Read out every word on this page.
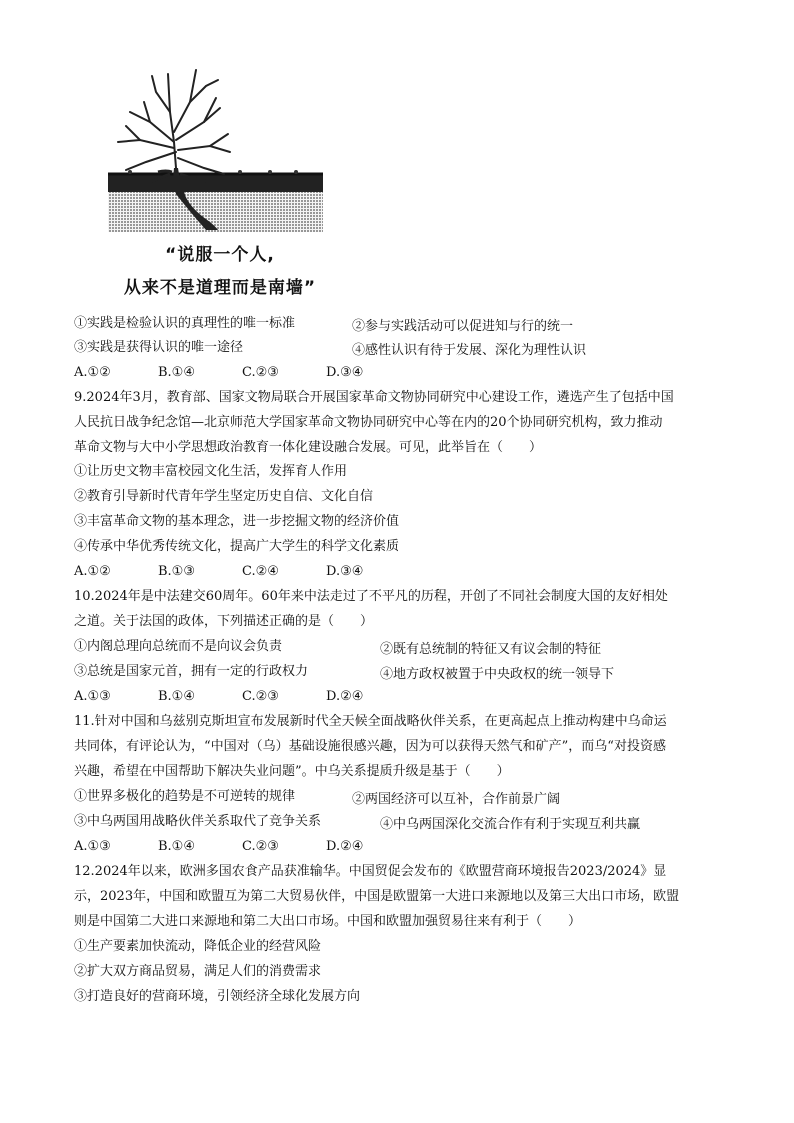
“说服一个人,
从来不是道理而是南墙”
①实践是检验认识的真理性的唯一标准	②参与实践活动可以促进知与行的统一
③实践是获得认识的唯一途径	④感性认识有待于发展、深化为理性认识
A.①②	B.①④	C.②③	D.③④
9.2024年3月，教育部、国家文物局联合开展国家革命文物协同研究中心建设工作，遴选产生了包括中国
人民抗日战争纪念馆—北京师范大学国家革命文物协同研究中心等在内的20个协同研究机构，致力推动
革命文物与大中小学思想政治教育一体化建设融合发展。可见，此举旨在（　　）
①让历史文物丰富校园文化生活，发挥育人作用
②教育引导新时代青年学生坚定历史自信、文化自信
③丰富革命文物的基本理念，进一步挖掘文物的经济价值
④传承中华优秀传统文化，提高广大学生的科学文化素质
A.①②	B.①③	C.②④	D.③④
10.2024年是中法建交60周年。60年来中法走过了不平凡的历程，开创了不同社会制度大国的友好相处
之道。关于法国的政体，下列描述正确的是（　　）
①内阁总理向总统而不是向议会负责	②既有总统制的特征又有议会制的特征
③总统是国家元首，拥有一定的行政权力	④地方政权被置于中央政权的统一领导下
A.①③	B.①④	C.②③	D.②④
11.针对中国和乌兹别克斯坦宣布发展新时代全天候全面战略伙伴关系，在更高起点上推动构建中乌命运
共同体，有评论认为，“中国对（乌）基础设施很感兴趣，因为可以获得天然气和矿产”，而乌“对投资感
兴趣，希望在中国帮助下解决失业问题”。中乌关系提质升级是基于（　　）
①世界多极化的趋势是不可逆转的规律	②两国经济可以互补，合作前景广阔
③中乌两国用战略伙伴关系取代了竞争关系	④中乌两国深化交流合作有利于实现互利共赢
A.①③	B.①④	C.②③	D.②④
12.2024年以来，欧洲多国农食产品获准输华。中国贸促会发布的《欧盟营商环境报告2023/2024》显
示，2023年，中国和欧盟互为第二大贸易伙伴，中国是欧盟第一大进口来源地以及第三大出口市场，欧盟
则是中国第二大进口来源地和第二大出口市场。中国和欧盟加强贸易往来有利于（　　）
①生产要素加快流动，降低企业的经营风险
②扩大双方商品贸易，满足人们的消费需求
③打造良好的营商环境，引领经济全球化发展方向
